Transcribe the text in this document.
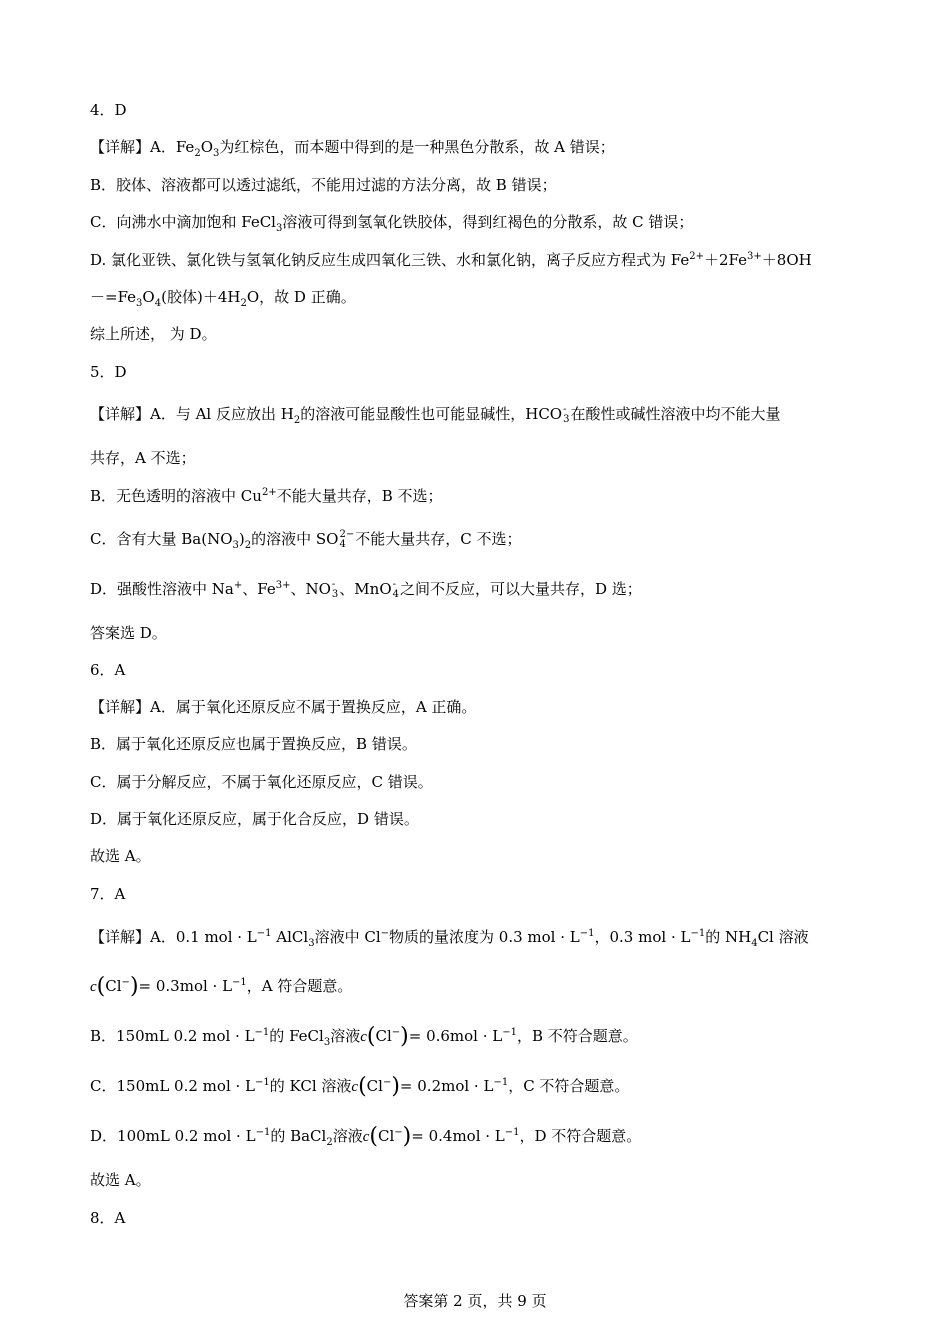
4．D
【详解】A．$Fe_2O_3$为红棕色，而本题中得到的是一种黑色分散系，故 A 错误；
B．胶体、溶液都可以透过滤纸，不能用过滤的方法分离，故 B 错误；
C．向沸水中滴加饱和 FeCl$_3$溶液可得到氢氧化铁胶体，得到红褐色的分散系，故 C 错误；
D. 氯化亚铁、氯化铁与氢氧化钠反应生成四氧化三铁、水和氯化钠，离子反应方程式为 $Fe^{2+}+2Fe^{3+}+8OH$
$-=Fe_3O_4$(胶体)$+4H_2O$，故 D 正确。
综上所述， 为 D。
5．D
【详解】A．与 Al 反应放出 $H_2$的溶液可能显酸性也可能显碱性，HCO -
3 在酸性或碱性溶液中均不能大量
共存，A 不选；
B．无色透明的溶液中 $Cu^{2+}$不能大量共存，B 不选；
C．含有大量 $Ba(NO_3)_2$的溶液中 SO 2−
4 不能大量共存，C 不选；
D．强酸性溶液中 Na+、$Fe^{3+}$、NO -
3 、MnO -
4 之间不反应，可以大量共存，D 选；
答案选 D。
6．A
【详解】A．属于氧化还原反应不属于置换反应，A 正确。
B．属于氧化还原反应也属于置换反应，B 错误。
C．属于分解反应，不属于氧化还原反应，C 错误。
D．属于氧化还原反应，属于化合反应，D 错误。
故选 A。
7．A
【详解】A．0.1 mol · $L^{-1}$ AlCl$_3$溶液中 Cl−物质的量浓度为 0.3 mol · $L^{-1}$，0.3 mol · $L^{-1}$的 $NH_4Cl$ 溶液
$c(Cl^-)= 0.3mol \cdot L^{-1}$，A 符合题意。
B．150mL 0.2 mol · $L^{-1}$的 FeCl$_3$溶液$c(Cl^-)= 0.6mol \cdot L^{-1}$，B 不符合题意。
C．150mL 0.2 mol · $L^{-1}$的 KCl 溶液$c(Cl^-)= 0.2mol \cdot L^{-1}$，C 不符合题意。
D．100mL 0.2 mol · $L^{-1}$的 BaCl$_2$溶液$c(Cl^-)= 0.4mol \cdot L^{-1}$，D 不符合题意。
故选 A。
8．A
答案第 2 页，共 9 页
